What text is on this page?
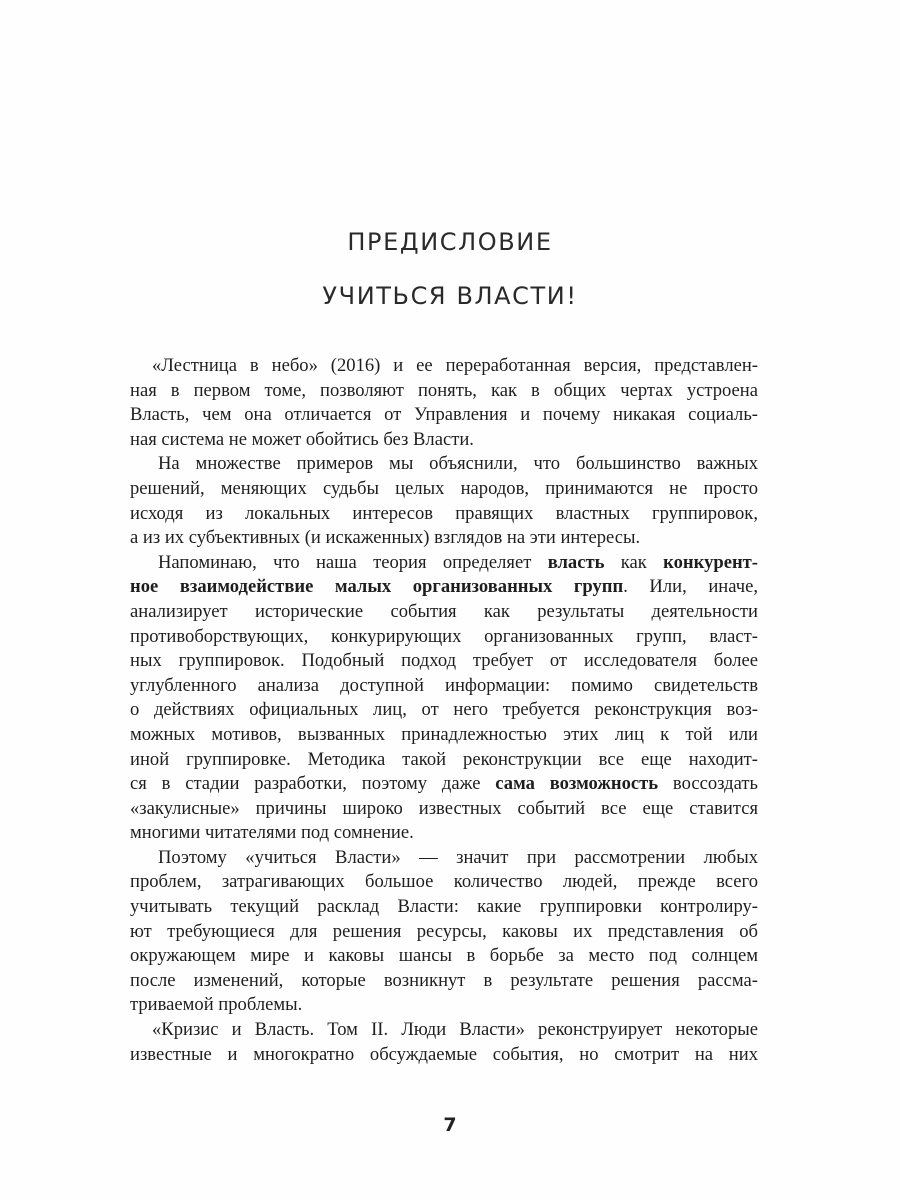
ПРЕДИСЛОВИЕ
УЧИТЬСЯ ВЛАСТИ!
«Лестница в небо» (2016) и ее переработанная версия, представлен-
ная в первом томе, позволяют понять, как в общих чертах устроена
Власть, чем она отличается от Управления и почему никакая социаль-
ная система не может обойтись без Власти.
На множестве примеров мы объяснили, что большинство важных
решений, меняющих судьбы целых народов, принимаются не просто
исходя из локальных интересов правящих властных группировок,
а из их субъективных (и искаженных) взглядов на эти интересы.
Напоминаю, что наша теория определяет власть как конкурент-
ное взаимодействие малых организованных групп. Или, иначе,
анализирует исторические события как результаты деятельности
противоборствующих, конкурирующих организованных групп, власт-
ных группировок. Подобный подход требует от исследователя более
углубленного анализа доступной информации: помимо свидетельств
о действиях официальных лиц, от него требуется реконструкция воз-
можных мотивов, вызванных принадлежностью этих лиц к той или
иной группировке. Методика такой реконструкции все еще находит-
ся в стадии разработки, поэтому даже сама возможность воссоздать
«закулисные» причины широко известных событий все еще ставится
многими читателями под сомнение.
Поэтому «учиться Власти» — значит при рассмотрении любых
проблем, затрагивающих большое количество людей, прежде всего
учитывать текущий расклад Власти: какие группировки контролиру-
ют требующиеся для решения ресурсы, каковы их представления об
окружающем мире и каковы шансы в борьбе за место под солнцем
после изменений, которые возникнут в результате решения рассма-
триваемой проблемы.
«Кризис и Власть. Том II. Люди Власти» реконструирует некоторые
известные и многократно обсуждаемые события, но смотрит на них
7
